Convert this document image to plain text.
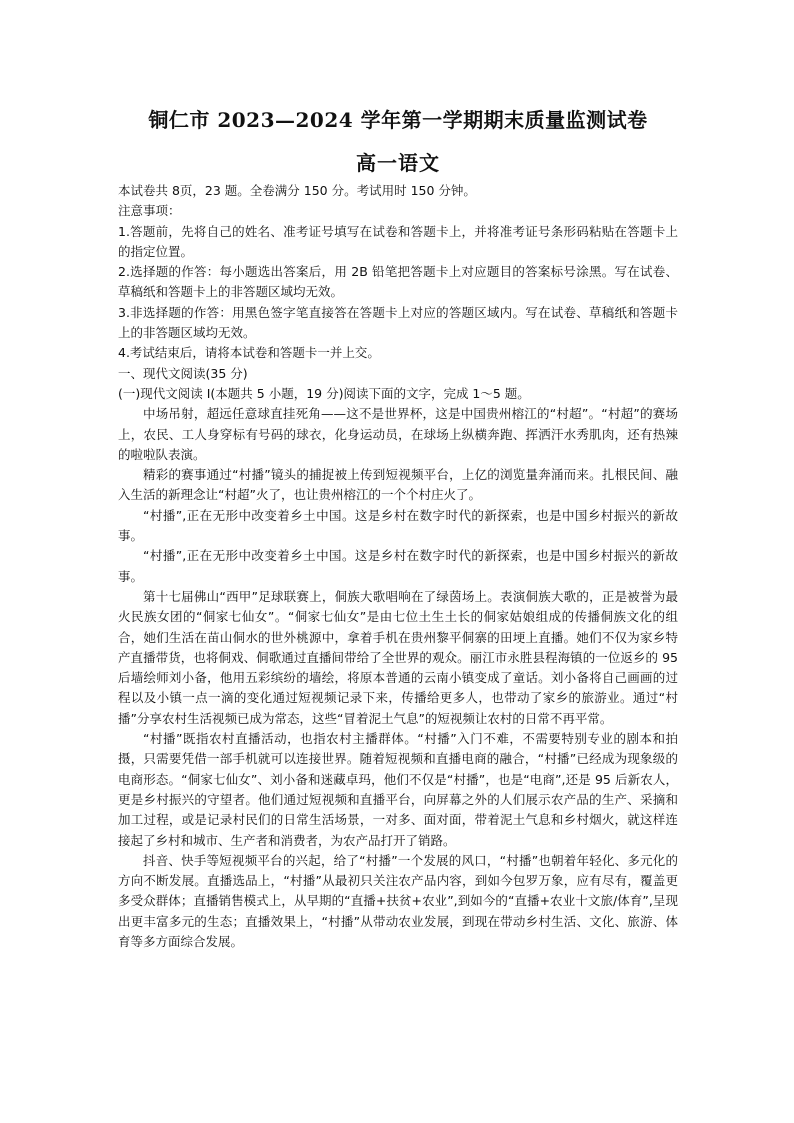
铜仁市 2023—2024 学年第一学期期末质量监测试卷
高一语文

本试卷共 8页，23 题。全卷满分 150 分。考试用时 150 分钟。

注意事项：

1.答题前，先将自己的姓名、准考证号填写在试卷和答题卡上，并将准考证号条形码粘贴在答题卡上的指定位置。

2.选择题的作答：每小题选出答案后，用 2B 铅笔把答题卡上对应题目的答案标号涂黑。写在试卷、草稿纸和答题卡上的非答题区域均无效。

3.非选择题的作答：用黑色签字笔直接答在答题卡上对应的答题区域内。写在试卷、草稿纸和答题卡上的非答题区域均无效。

4.考试结束后，请将本试卷和答题卡一并上交。

一、现代文阅读(35 分)

(一)现代文阅读 I(本题共 5 小题，19 分)阅读下面的文字，完成 1～5 题。

中场吊射，超远任意球直挂死角——这不是世界杯，这是中国贵州榕江的“村超”。“村超”的赛场上，农民、工人身穿标有号码的球衣，化身运动员，在球场上纵横奔跑、挥洒汗水秀肌肉，还有热辣的啦啦队表演。

精彩的赛事通过“村播”镜头的捕捉被上传到短视频平台，上亿的浏览量奔涌而来。扎根民间、融入生活的新理念让“村超”火了，也让贵州榕江的一个个村庄火了。

“村播”,正在无形中改变着乡土中国。这是乡村在数字时代的新探索，也是中国乡村振兴的新故事。

“村播”,正在无形中改变着乡土中国。这是乡村在数字时代的新探索，也是中国乡村振兴的新故事。

第十七届佛山“西甲”足球联赛上，侗族大歌唱响在了绿茵场上。表演侗族大歌的，正是被誉为最火民族女团的“侗家七仙女”。“侗家七仙女”是由七位土生土长的侗家姑娘组成的传播侗族文化的组合，她们生活在苗山侗水的世外桃源中，拿着手机在贵州黎平侗寨的田埂上直播。她们不仅为家乡特产直播带货，也将侗戏、侗歌通过直播间带给了全世界的观众。丽江市永胜县程海镇的一位返乡的 95 后墙绘师刘小备，他用五彩缤纷的墙绘，将原本普通的云南小镇变成了童话。刘小备将自己画画的过程以及小镇一点一滴的变化通过短视频记录下来，传播给更多人，也带动了家乡的旅游业。通过“村播”分享农村生活视频已成为常态，这些“冒着泥土气息”的短视频让农村的日常不再平常。

“村播”既指农村直播活动，也指农村主播群体。“村播”入门不难，不需要特别专业的剧本和拍摄，只需要凭借一部手机就可以连接世界。随着短视频和直播电商的融合，“村播”已经成为现象级的电商形态。“侗家七仙女”、刘小备和迷藏卓玛，他们不仅是“村播”，也是“电商”,还是 95 后新农人，更是乡村振兴的守望者。他们通过短视频和直播平台，向屏幕之外的人们展示农产品的生产、采摘和加工过程，或是记录村民们的日常生活场景，一对多、面对面，带着泥土气息和乡村烟火，就这样连接起了乡村和城市、生产者和消费者，为农产品打开了销路。

抖音、快手等短视频平台的兴起，给了“村播”一个发展的风口，“村播”也朝着年轻化、多元化的方向不断发展。直播选品上，“村播”从最初只关注农产品内容，到如今包罗万象，应有尽有，覆盖更多受众群体；直播销售模式上，从早期的“直播+扶贫+农业”,到如今的“直播+农业十文旅/体育”,呈现出更丰富多元的生态；直播效果上，“村播”从带动农业发展，到现在带动乡村生活、文化、旅游、体育等多方面综合发展。
